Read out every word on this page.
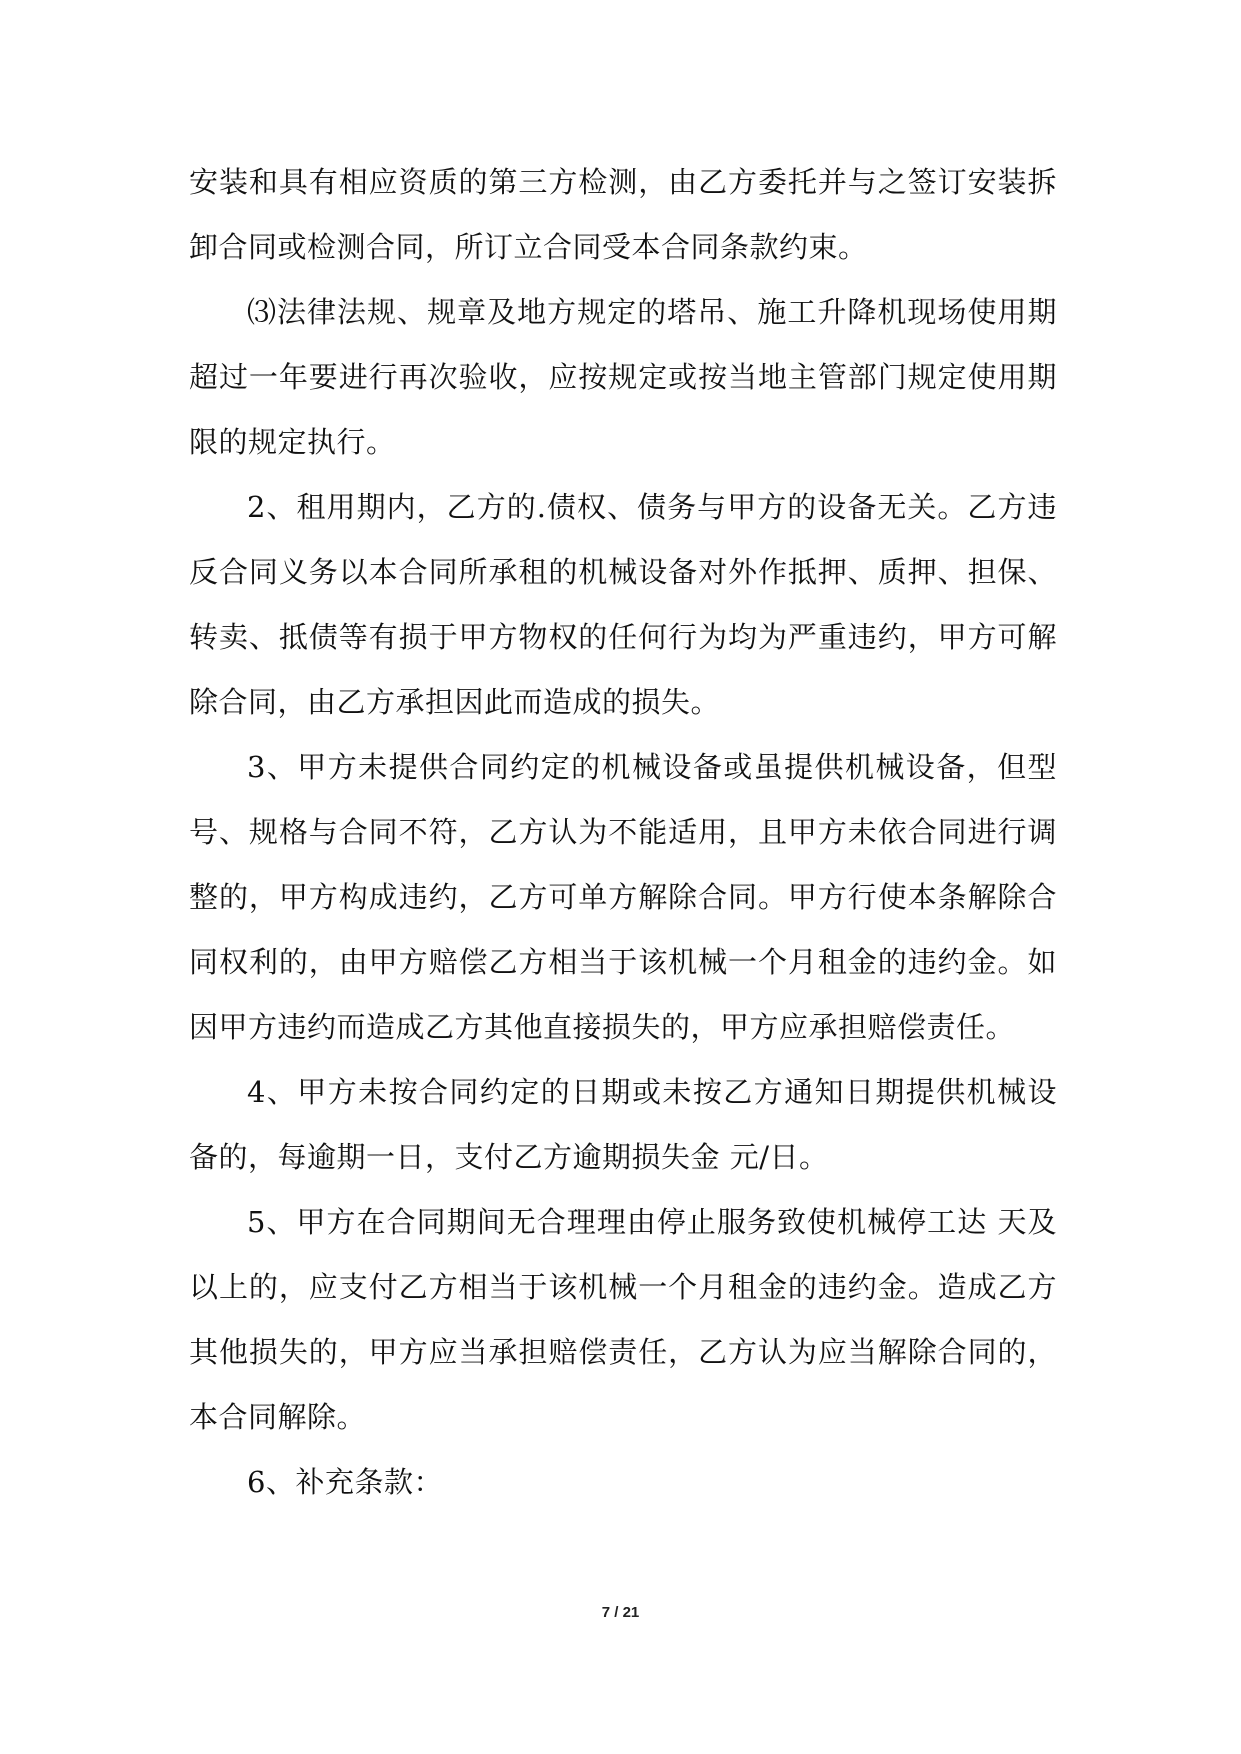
安装和具有相应资质的第三方检测，由乙方委托并与之签订安装拆卸合同或检测合同，所订立合同受本合同条款约束。

⑶法律法规、规章及地方规定的塔吊、施工升降机现场使用期超过一年要进行再次验收，应按规定或按当地主管部门规定使用期限的规定执行。

2、租用期内，乙方的.债权、债务与甲方的设备无关。乙方违反合同义务以本合同所承租的机械设备对外作抵押、质押、担保、转卖、抵债等有损于甲方物权的任何行为均为严重违约，甲方可解除合同，由乙方承担因此而造成的损失。

3、甲方未提供合同约定的机械设备或虽提供机械设备，但型号、规格与合同不符，乙方认为不能适用，且甲方未依合同进行调整的，甲方构成违约，乙方可单方解除合同。甲方行使本条解除合同权利的，由甲方赔偿乙方相当于该机械一个月租金的违约金。如因甲方违约而造成乙方其他直接损失的，甲方应承担赔偿责任。

4、甲方未按合同约定的日期或未按乙方通知日期提供机械设备的，每逾期一日，支付乙方逾期损失金 元/日。

5、甲方在合同期间无合理理由停止服务致使机械停工达 天及以上的，应支付乙方相当于该机械一个月租金的违约金。造成乙方其他损失的，甲方应当承担赔偿责任，乙方认为应当解除合同的，本合同解除。

6、补充条款：

7 / 21
